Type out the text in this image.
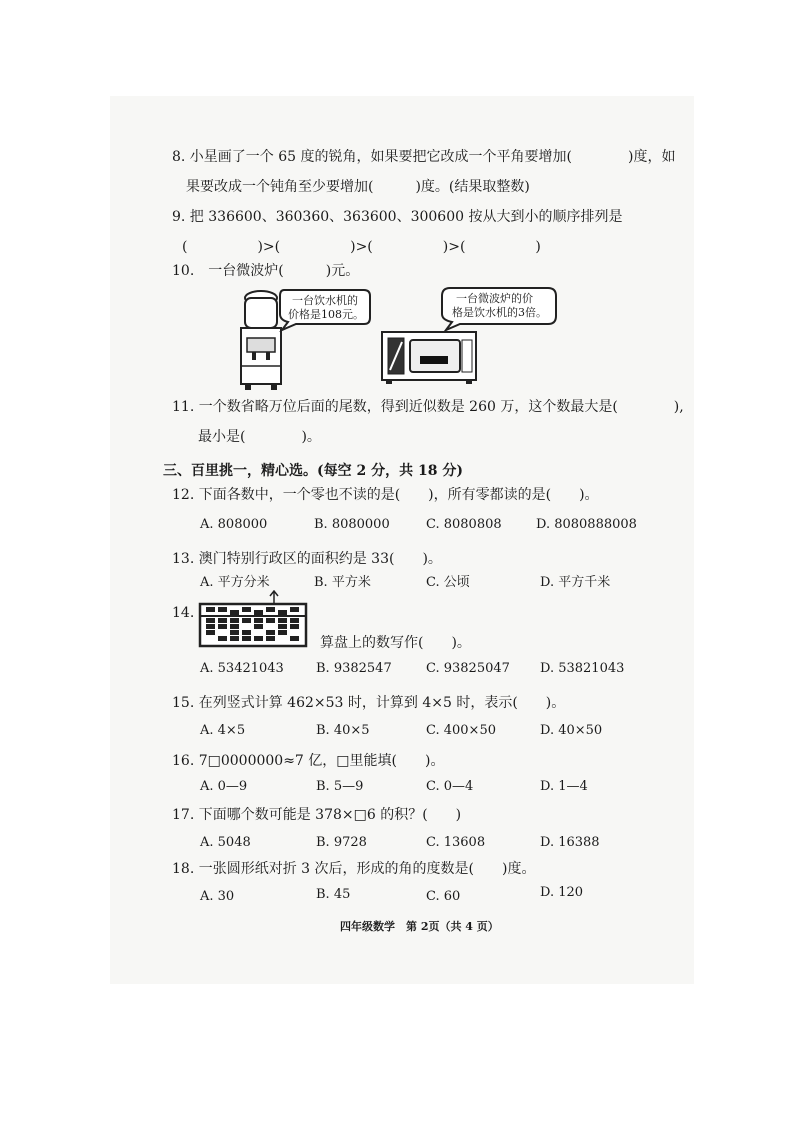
8. 小星画了一个 65 度的锐角，如果要把它改成一个平角要增加(　　　　)度，如
果要改成一个钝角至少要增加(　　　)度。(结果取整数)
9. 把 336600、360360、363600、300600 按从大到小的顺序排列是
(　　　　　)>(　　　　　)>(　　　　　)>(　　　　　)
10.　一台微波炉(　　　)元。
一台饮水机的
价格是108元。
一台微波炉的价
格是饮水机的3倍。
11. 一个数省略万位后面的尾数，得到近似数是 260 万，这个数最大是(　　　　),
最小是(　　　　)。
三、百里挑一，精心选。(每空 2 分，共 18 分)
12. 下面各数中，一个零也不读的是(　　)，所有零都读的是(　　)。
A. 808000	B. 8080000	C. 8080808	D. 8080888008
13. 澳门特别行政区的面积约是 33(　　)。
A. 平方分米	B. 平方米	C. 公顷	D. 平方千米
14.
算盘上的数写作(　　)。
A. 53421043 B. 9382547	C. 93825047 D. 53821043
15. 在列竖式计算 462×53 时，计算到 4×5 时，表示(　　)。
A. 4×5	B. 40×5	C. 400×50	D. 40×50
16. 7□0000000≈7 亿，□里能填(　　)。
A. 0—9	B. 5—9	C. 0—4	D. 1—4
17. 下面哪个数可能是 378×□6 的积？(　　)
A. 5048	B. 9728	C. 13608	D. 16388
18. 一张圆形纸对折 3 次后，形成的角的度数是(　　)度。
A. 30	B. 45	C. 60	D. 120
四年级数学　第 2页（共 4 页）
